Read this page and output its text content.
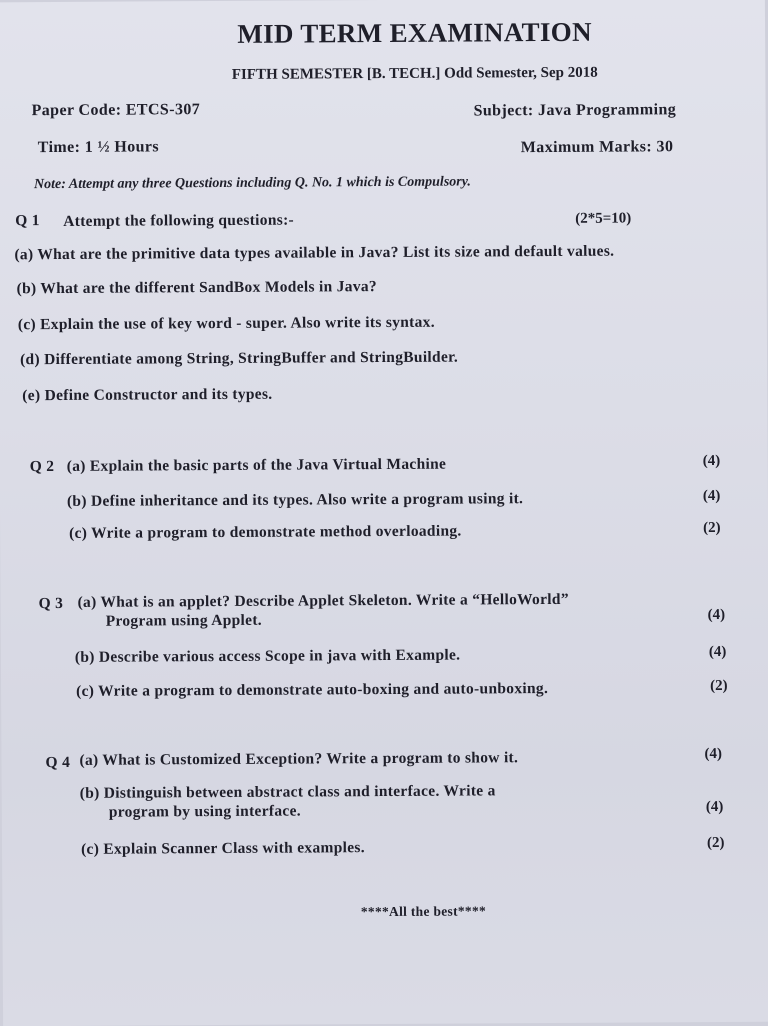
MID TERM EXAMINATION
FIFTH SEMESTER [B. TECH.] Odd Semester, Sep 2018
Paper Code: ETCS-307	Subject: Java Programming
Time: 1 ½ Hours	Maximum Marks: 30
Note: Attempt any three Questions including Q. No. 1 which is Compulsory.
Q 1 Attempt the following questions:-	(2*5=10)
(a) What are the primitive data types available in Java? List its size and default values.
(b) What are the different SandBox Models in Java?
(c) Explain the use of key word - super. Also write its syntax.
(d) Differentiate among String, StringBuffer and StringBuilder.
(e) Define Constructor and its types.
Q 2 (a) Explain the basic parts of the Java Virtual Machine	(4)
(b) Define inheritance and its types. Also write a program using it.	(4)
(c) Write a program to demonstrate method overloading.	(2)
Q 3 (a) What is an applet? Describe Applet Skeleton. Write a “HelloWorld”
Program using Applet.	(4)
(b) Describe various access Scope in java with Example.	(4)
(c) Write a program to demonstrate auto-boxing and auto-unboxing.	(2)
Q 4 (a) What is Customized Exception? Write a program to show it.	(4)
(b) Distinguish between abstract class and interface. Write a
program by using interface.	(4)
(c) Explain Scanner Class with examples.	(2)
****All the best****
